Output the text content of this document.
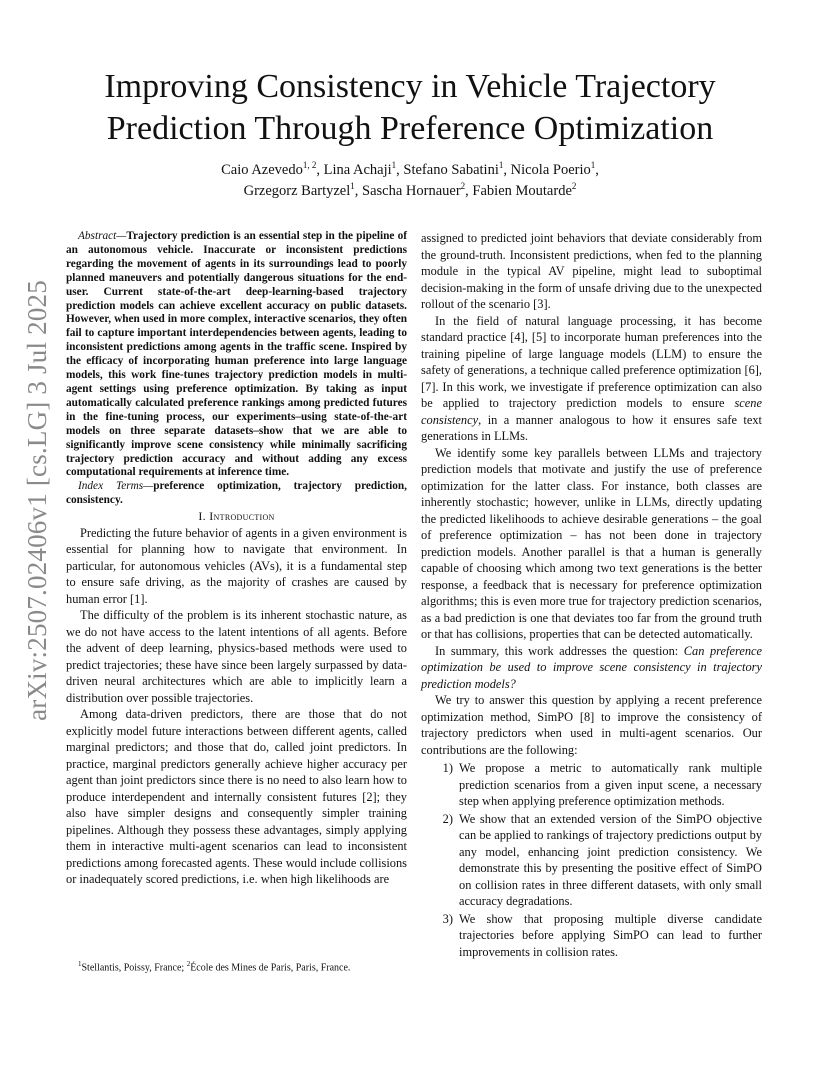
arXiv:2507.02406v1 [cs.LG] 3 Jul 2025
Improving Consistency in Vehicle Trajectory
Prediction Through Preference Optimization
Caio Azevedo$^{1, 2}$, Lina Achaji$^1$, Stefano Sabatini$^1$, Nicola Poerio$^1$,
Grzegorz Bartyzel$^1$, Sascha Hornauer$^2$, Fabien Moutarde$^2$

Abstract—Trajectory prediction is an essential step in the pipeline of an autonomous vehicle. Inaccurate or inconsistent predictions regarding the movement of agents in its surroundings lead to poorly planned maneuvers and potentially dangerous situations for the end-user. Current state-of-the-art deep-learning-based trajectory prediction models can achieve excellent accuracy on public datasets. However, when used in more complex, interactive scenarios, they often fail to capture important interdependencies between agents, leading to inconsistent predictions among agents in the traffic scene. Inspired by the efficacy of incorporating human preference into large language models, this work fine-tunes trajectory prediction models in multi-agent settings using preference optimization. By taking as input automatically calculated preference rankings among predicted futures in the fine-tuning process, our experiments–using state-of-the-art models on three separate datasets–show that we are able to significantly improve scene consistency while minimally sacrificing trajectory prediction accuracy and without adding any excess computational requirements at inference time.

Index Terms—preference optimization, trajectory prediction, consistency.

I. Introduction

Predicting the future behavior of agents in a given environment is essential for planning how to navigate that environment. In particular, for autonomous vehicles (AVs), it is a fundamental step to ensure safe driving, as the majority of crashes are caused by human error [1].

The difficulty of the problem is its inherent stochastic nature, as we do not have access to the latent intentions of all agents. Before the advent of deep learning, physics-based methods were used to predict trajectories; these have since been largely surpassed by data-driven neural architectures which are able to implicitly learn a distribution over possible trajectories.

Among data-driven predictors, there are those that do not explicitly model future interactions between different agents, called marginal predictors; and those that do, called joint predictors. In practice, marginal predictors generally achieve higher accuracy per agent than joint predictors since there is no need to also learn how to produce interdependent and internally consistent futures [2]; they also have simpler designs and consequently simpler training pipelines. Although they possess these advantages, simply applying them in interactive multi-agent scenarios can lead to inconsistent predictions among forecasted agents. These would include collisions or inadequately scored predictions, i.e. when high likelihoods are

$^1$Stellantis, Poissy, France; $^2$École des Mines de Paris, Paris, France.

assigned to predicted joint behaviors that deviate considerably from the ground-truth. Inconsistent predictions, when fed to the planning module in the typical AV pipeline, might lead to suboptimal decision-making in the form of unsafe driving due to the unexpected rollout of the scenario [3].

In the field of natural language processing, it has become standard practice [4], [5] to incorporate human preferences into the training pipeline of large language models (LLM) to ensure the safety of generations, a technique called preference optimization [6], [7]. In this work, we investigate if preference optimization can also be applied to trajectory prediction models to ensure scene consistency, in a manner analogous to how it ensures safe text generations in LLMs.

We identify some key parallels between LLMs and trajectory prediction models that motivate and justify the use of preference optimization for the latter class. For instance, both classes are inherently stochastic; however, unlike in LLMs, directly updating the predicted likelihoods to achieve desirable generations – the goal of preference optimization – has not been done in trajectory prediction models. Another parallel is that a human is generally capable of choosing which among two text generations is the better response, a feedback that is necessary for preference optimization algorithms; this is even more true for trajectory prediction scenarios, as a bad prediction is one that deviates too far from the ground truth or that has collisions, properties that can be detected automatically.

In summary, this work addresses the question: Can preference optimization be used to improve scene consistency in trajectory prediction models?

We try to answer this question by applying a recent preference optimization method, SimPO [8] to improve the consistency of trajectory predictors when used in multi-agent scenarios. Our contributions are the following:

1) We propose a metric to automatically rank multiple prediction scenarios from a given input scene, a necessary step when applying preference optimization methods.
2) We show that an extended version of the SimPO objective can be applied to rankings of trajectory predictions output by any model, enhancing joint prediction consistency. We demonstrate this by presenting the positive effect of SimPO on collision rates in three different datasets, with only small accuracy degradations.
3) We show that proposing multiple diverse candidate trajectories before applying SimPO can lead to further improvements in collision rates.
